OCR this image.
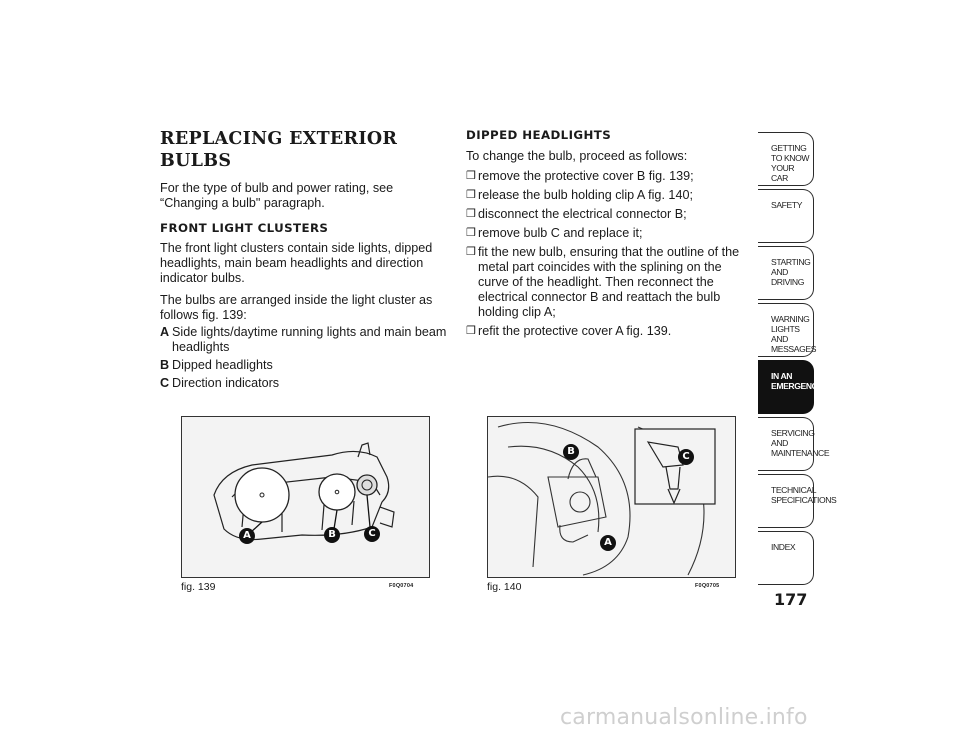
REPLACING EXTERIOR BULBS

For the type of bulb and power rating, see “Changing a bulb" paragraph.

FRONT LIGHT CLUSTERS

The front light clusters contain side lights, dipped headlights, main beam headlights and direction indicator bulbs.

The bulbs are arranged inside the light cluster as follows fig. 139:

A Side lights/daytime running lights and main beam headlights
B Dipped headlights
C Direction indicators
DIPPED HEADLIGHTS

To change the bulb, proceed as follows:

❒ remove the protective cover B fig. 139;
❒ release the bulb holding clip A fig. 140;
❒ disconnect the electrical connector B;
❒ remove bulb C and replace it;
❒ fit the new bulb, ensuring that the outline of the metal part coincides with the splining on the curve of the headlight. Then reconnect the electrical connector B and reattach the bulb holding clip A;
❒ refit the protective cover A fig. 139.
A	B	C
fig. 139	F0Q0704
B	C
A
fig. 140	F0Q0705
GETTING TO KNOW YOUR CAR
SAFETY
STARTING AND DRIVING
WARNING LIGHTS AND MESSAGES
IN AN EMERGENCY
SERVICING AND MAINTENANCE
TECHNICAL SPECIFICATIONS
INDEX
177
carmanualsonline.info
